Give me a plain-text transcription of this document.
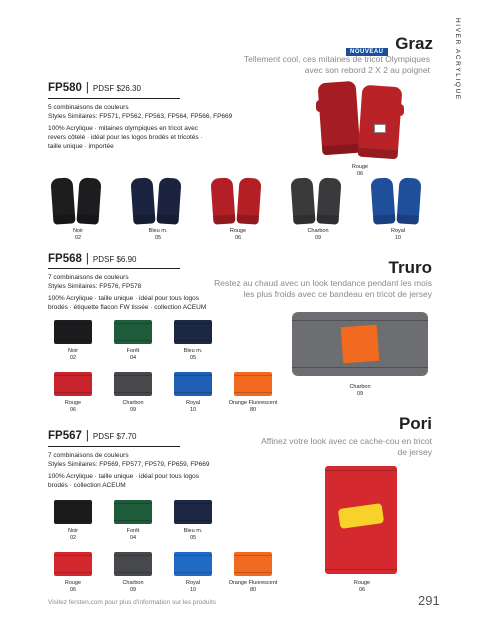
HIVER ACRYLIQUE
NOUVEAU Graz
Tellement cool, ces mitaines de tricot Olympiques avec son rebord 2 X 2 au poignet
Rouge
06
FP580 | PDSF $26.30
5 combinaisons de couleurs
Styles Similaires: FP571, FP562, FP563, FP564, FP566, FP669
100% Acrylique · mitaines olympiques en tricot avec revers côtelé · idéal pour les logos brodés et tricotés · taille unique · importée
Noir
02
Bleu m.
05
Rouge
06
Charbon
09
Royal
10
FP568 | PDSF $6.90
7 combinaisons de couleurs
Styles Similaires: FP576, FP578
100% Acrylique · taille unique · idéal pour tous logos brodés · étiquette flacon FW tissée · collection ACEUM
Truro
Restez au chaud avec un look tendance pendant les mois les plus froids avec ce bandeau en tricot de jersey
Charbon
09
Noir
02
Forêt
04
Bleu m.
05
Rouge
06
Charbon
09
Royal
10
Orange Fluorescent
80
FP567 | PDSF $7.70
7 combinaisons de couleurs
Styles Similaires: FP569, FP577, FP579, FP659, FP669
100% Acrylique · taille unique · idéal pour tous logos brodés · collection ACEUM
Pori
Affinez votre look avec ce cache-cou en tricot de jersey
Rouge
06
Noir
02
Forêt
04
Bleu m.
05
Rouge
06
Charbon
09
Royal
10
Orange Fluorescent
80
Visitez fersten.com pour plus d'information sur les produits	291
